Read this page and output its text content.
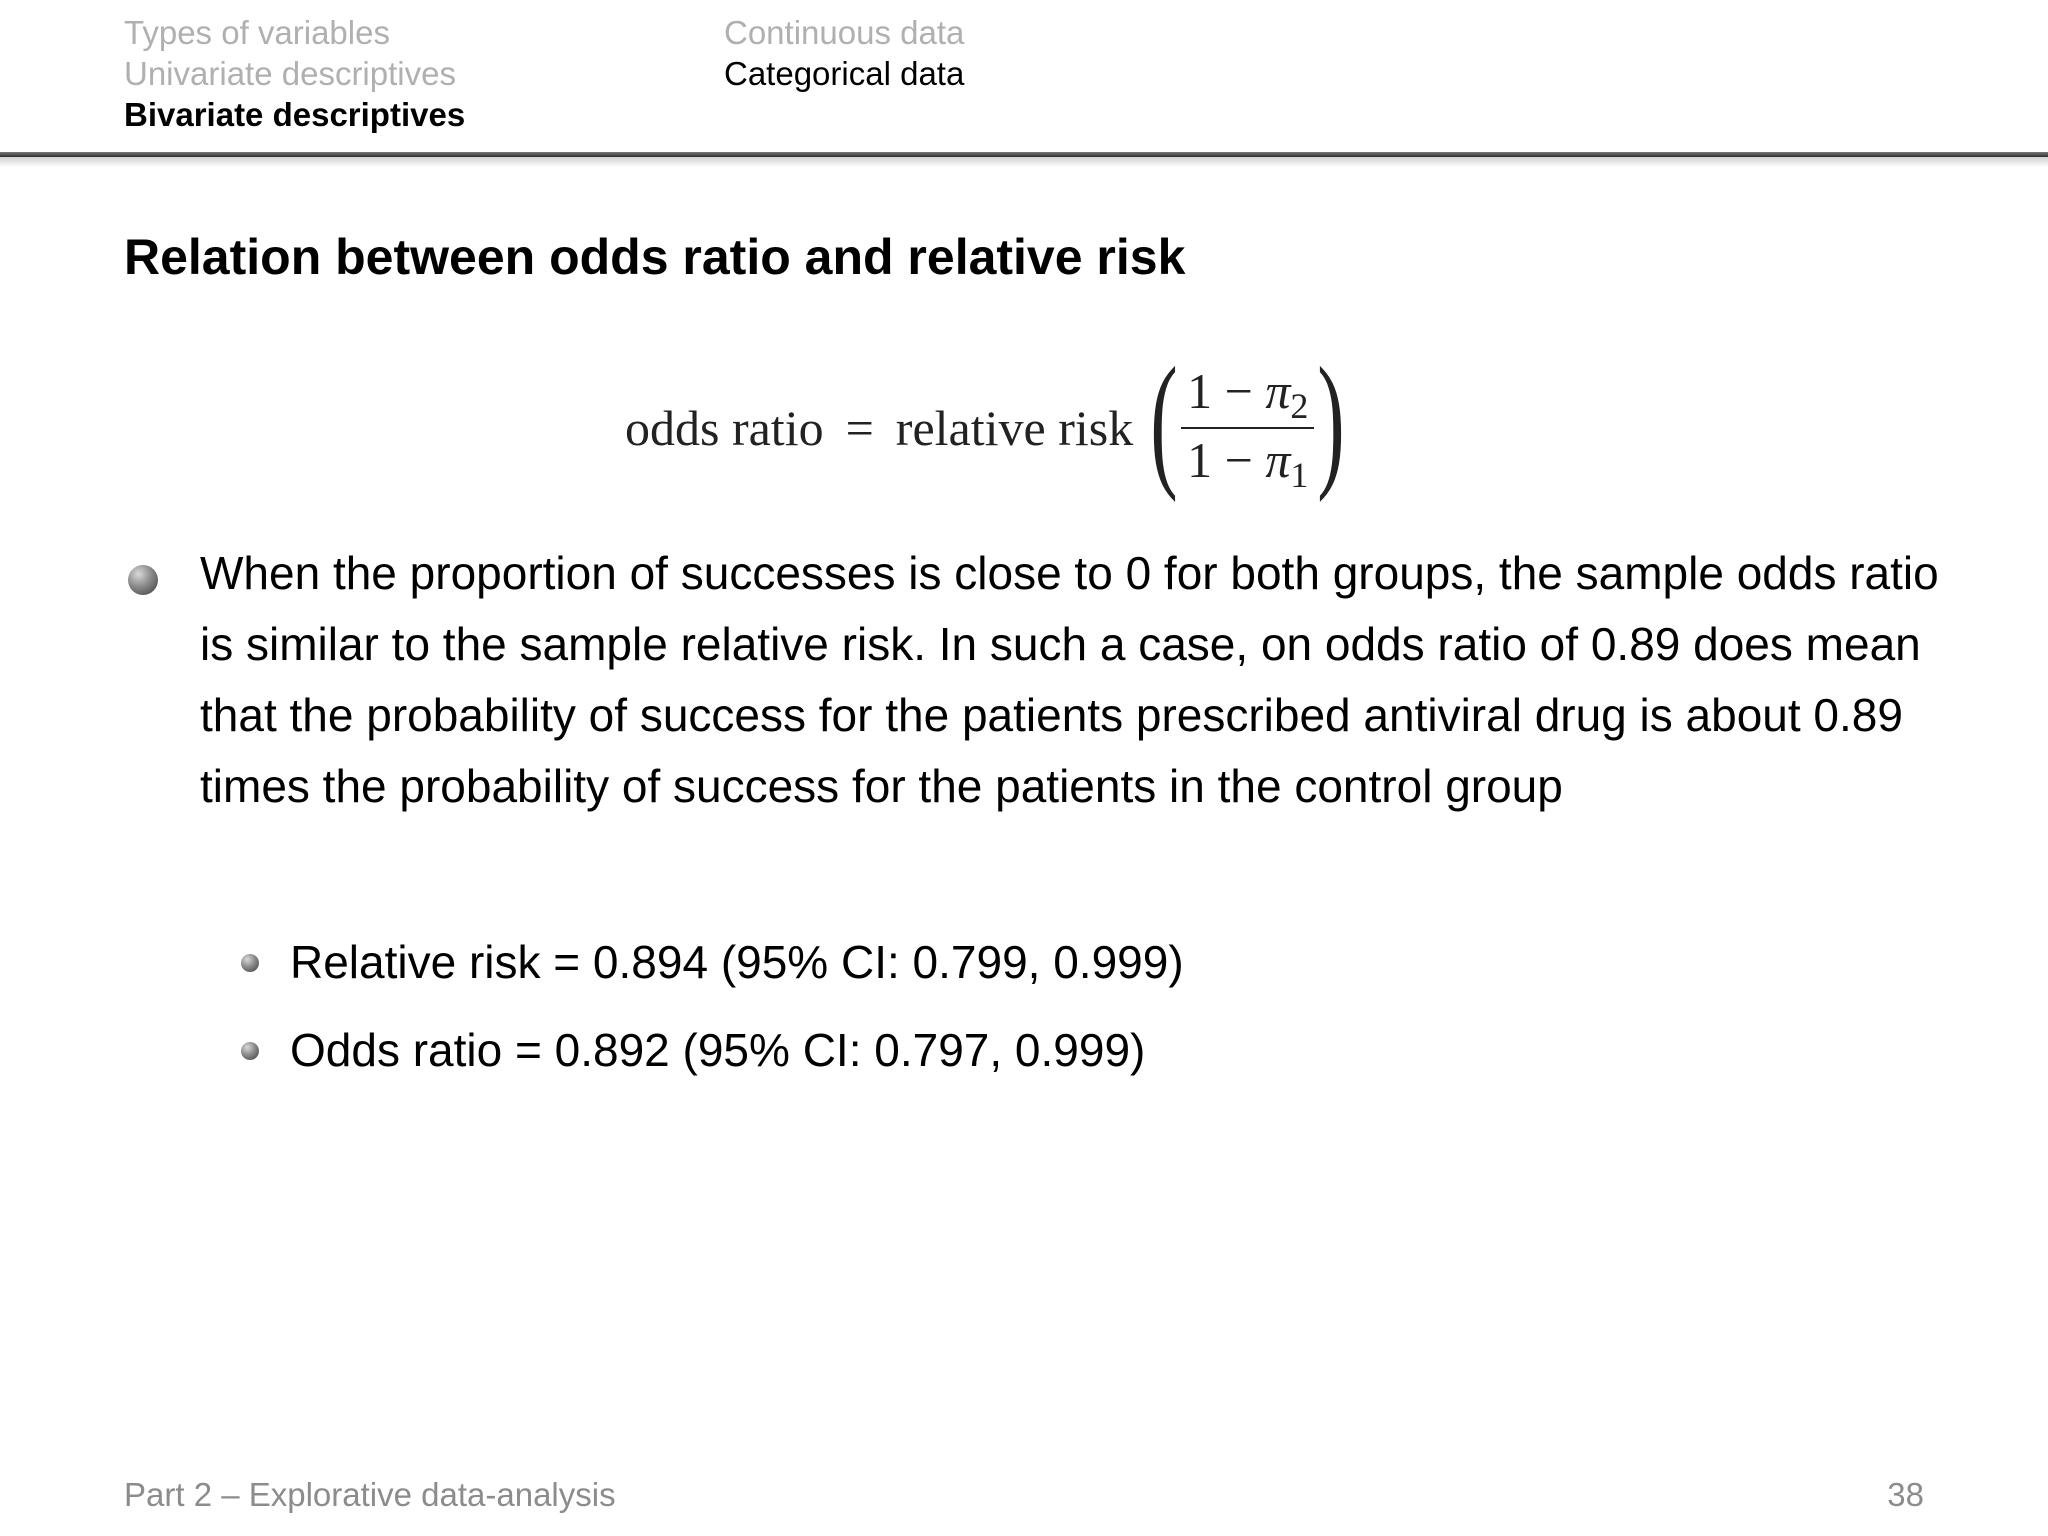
Types of variables
Univariate descriptives
Bivariate descriptives
Continuous data
Categorical data
Relation between odds ratio and relative risk
odds ratio = relative risk ( $\frac{1 - \pi_2}{1 - \pi_1}$ )
When the proportion of successes is close to 0 for both groups, the sample odds ratio is similar to the sample relative risk. In such a case, on odds ratio of 0.89 does mean that the probability of success for the patients prescribed antiviral drug is about 0.89 times the probability of success for the patients in the control group
Relative risk = 0.894 (95% CI: 0.799, 0.999)
Odds ratio = 0.892 (95% CI: 0.797, 0.999)
Part 2 – Explorative data-analysis	38
